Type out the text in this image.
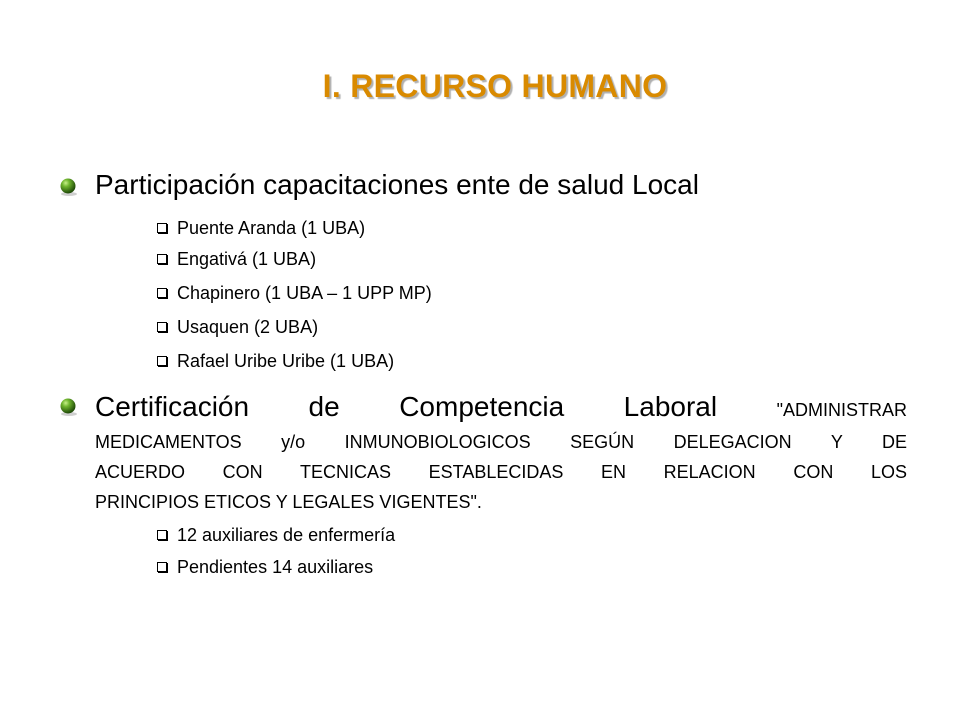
I. RECURSO HUMANO
Participación capacitaciones ente de salud Local
Puente Aranda (1 UBA)
Engativá (1 UBA)
Chapinero (1 UBA – 1 UPP MP)
Usaquen (2 UBA)
Rafael Uribe Uribe (1 UBA)
Certificación de Competencia Laboral	"ADMINISTRAR
MEDICAMENTOS y/o INMUNOBIOLOGICOS SEGÚN DELEGACION Y DE
ACUERDO CON TECNICAS ESTABLECIDAS EN RELACION CON LOS
PRINCIPIOS ETICOS Y LEGALES VIGENTES".
12 auxiliares de enfermería
Pendientes 14 auxiliares
